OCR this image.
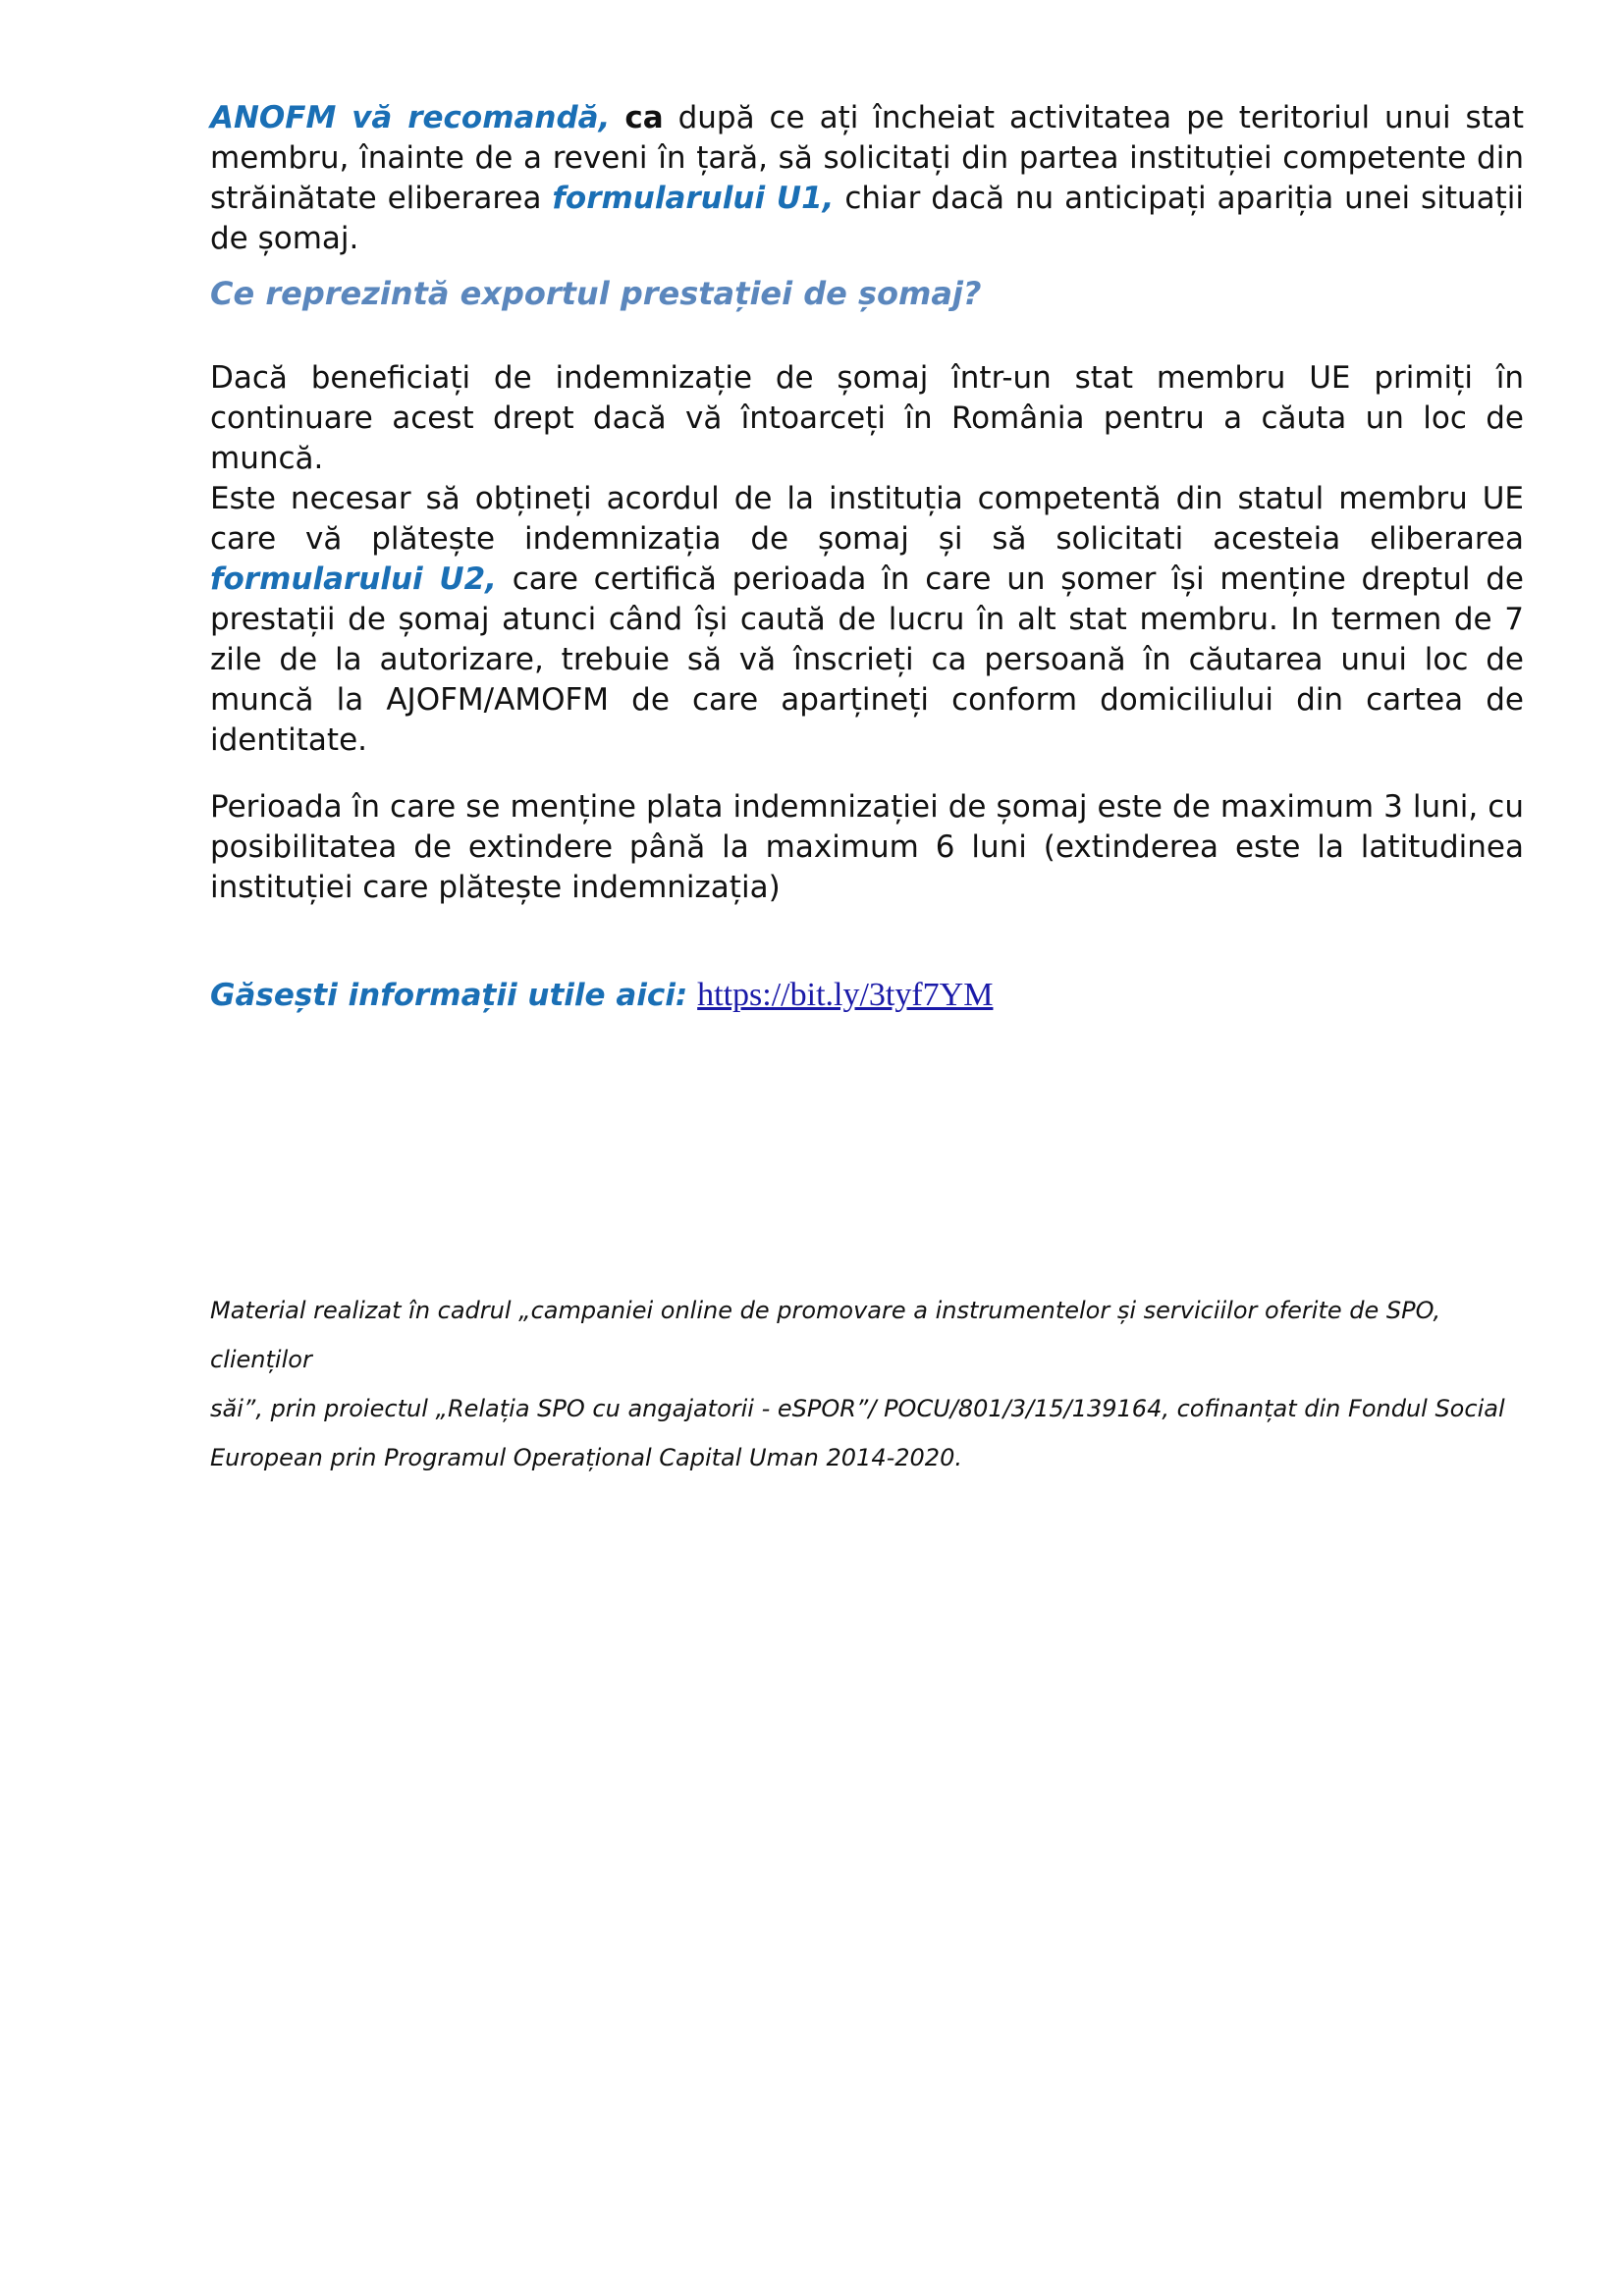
ANOFM vă recomandă, ca după ce ați încheiat activitatea pe teritoriul unui stat membru, înainte de a reveni în țară, să solicitați din partea instituției competente din străinătate eliberarea formularului U1, chiar dacă nu anticipați apariția unei situații de șomaj.

Ce reprezintă exportul prestației de șomaj?

Dacă beneficiați de indemnizație de șomaj într-un stat membru UE primiți în continuare acest drept dacă vă întoarceți în România pentru a căuta un loc de muncă.

Este necesar să obțineți acordul de la instituția competentă din statul membru UE care vă plătește indemnizația de șomaj și să solicitati acesteia eliberarea formularului U2, care certifică perioada în care un șomer își menține dreptul de prestații de șomaj atunci când își caută de lucru în alt stat membru. In termen de 7 zile de la autorizare, trebuie să vă înscrieți ca persoană în căutarea unui loc de muncă la AJOFM/AMOFM de care aparțineți conform domiciliului din cartea de identitate.

Perioada în care se menține plata indemnizației de șomaj este de maximum 3 luni, cu posibilitatea de extindere până la maximum 6 luni (extinderea este la latitudinea instituției care plătește indemnizația)

Găsești informații utile aici: https://bit.ly/3tyf7YM

Material realizat în cadrul „campaniei online de promovare a instrumentelor și serviciilor oferite de SPO, clienților

săi”, prin proiectul „Relația SPO cu angajatorii - eSPOR”/ POCU/801/3/15/139164, cofinanțat din Fondul Social

European prin Programul Operațional Capital Uman 2014-2020.
